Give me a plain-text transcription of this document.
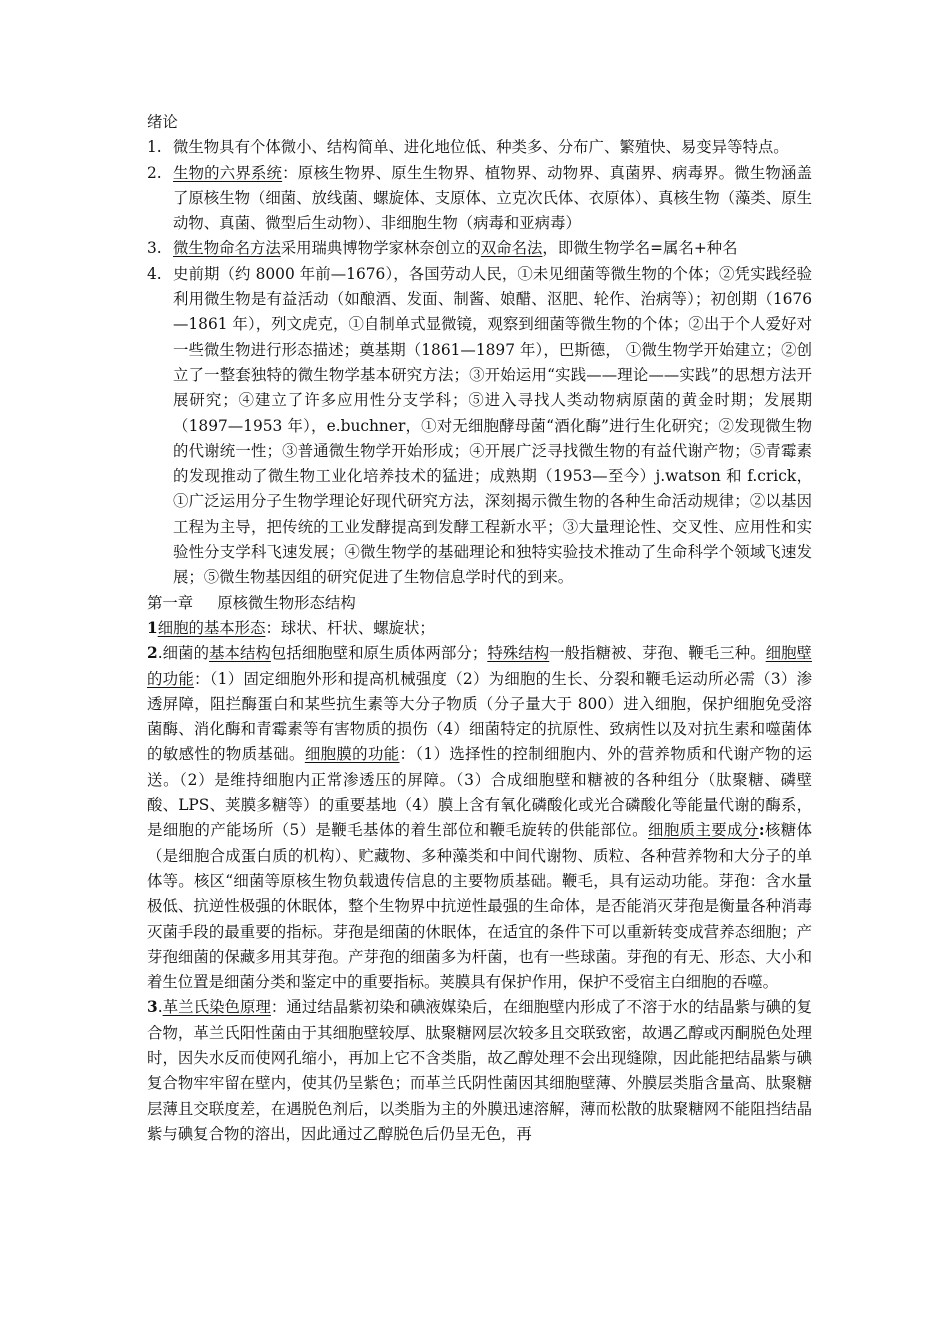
绪论

1. 微生物具有个体微小、结构简单、进化地位低、种类多、分布广、繁殖快、易变异等特点。

2. 生物的六界系统：原核生物界、原生生物界、植物界、动物界、真菌界、病毒界。微生物涵盖了原核生物（细菌、放线菌、螺旋体、支原体、立克次氏体、衣原体）、真核生物（藻类、原生动物、真菌、微型后生动物）、非细胞生物（病毒和亚病毒）

3. 微生物命名方法采用瑞典博物学家林奈创立的双命名法，即微生物学名=属名+种名

4. 史前期（约 8000 年前—1676），各国劳动人民，①未见细菌等微生物的个体；②凭实践经验利用微生物是有益活动（如酿酒、发面、制酱、娘醋、沤肥、轮作、治病等）；初创期（1676—1861 年），列文虎克，①自制单式显微镜，观察到细菌等微生物的个体；②出于个人爱好对一些微生物进行形态描述；奠基期（1861—1897 年），巴斯德， ①微生物学开始建立；②创立了一整套独特的微生物学基本研究方法；③开始运用“实践——理论——实践”的思想方法开展研究；④建立了许多应用性分支学科；⑤进入寻找人类动物病原菌的黄金时期；发展期（1897—1953 年），e.buchner，①对无细胞酵母菌“酒化酶”进行生化研究；②发现微生物的代谢统一性；③普通微生物学开始形成；④开展广泛寻找微生物的有益代谢产物；⑤青霉素的发现推动了微生物工业化培养技术的猛进；成熟期（1953—至今）j.watson 和 f.crick，①广泛运用分子生物学理论好现代研究方法，深刻揭示微生物的各种生命活动规律；②以基因工程为主导，把传统的工业发酵提高到发酵工程新水平；③大量理论性、交叉性、应用性和实验性分支学科飞速发展；④微生物学的基础理论和独特实验技术推动了生命科学个领域飞速发展；⑤微生物基因组的研究促进了生物信息学时代的到来。

第一章 原核微生物形态结构

1细胞的基本形态：球状、杆状、螺旋状；

2.细菌的基本结构包括细胞壁和原生质体两部分；特殊结构一般指糖被、芽孢、鞭毛三种。细胞壁的功能：（1）固定细胞外形和提高机械强度（2）为细胞的生长、分裂和鞭毛运动所必需（3）渗透屏障，阻拦酶蛋白和某些抗生素等大分子物质（分子量大于 800）进入细胞，保护细胞免受溶菌酶、消化酶和青霉素等有害物质的损伤（4）细菌特定的抗原性、致病性以及对抗生素和噬菌体的敏感性的物质基础。细胞膜的功能：（1）选择性的控制细胞内、外的营养物质和代谢产物的运送。（2）是维持细胞内正常渗透压的屏障。（3）合成细胞壁和糖被的各种组分（肽聚糖、磷壁酸、LPS、荚膜多糖等）的重要基地（4）膜上含有氧化磷酸化或光合磷酸化等能量代谢的酶系，是细胞的产能场所（5）是鞭毛基体的着生部位和鞭毛旋转的供能部位。细胞质主要成分:核糖体（是细胞合成蛋白质的机构）、贮藏物、多种藻类和中间代谢物、质粒、各种营养物和大分子的单体等。核区“细菌等原核生物负载遗传信息的主要物质基础。鞭毛，具有运动功能。芽孢：含水量极低、抗逆性极强的休眠体，整个生物界中抗逆性最强的生命体，是否能消灭芽孢是衡量各种消毒灭菌手段的最重要的指标。芽孢是细菌的休眠体，在适宜的条件下可以重新转变成营养态细胞；产芽孢细菌的保藏多用其芽孢。产芽孢的细菌多为杆菌，也有一些球菌。芽孢的有无、形态、大小和着生位置是细菌分类和鉴定中的重要指标。荚膜具有保护作用，保护不受宿主白细胞的吞噬。

3.革兰氏染色原理：通过结晶紫初染和碘液媒染后，在细胞壁内形成了不溶于水的结晶紫与碘的复合物，革兰氏阳性菌由于其细胞壁较厚、肽聚糖网层次较多且交联致密，故遇乙醇或丙酮脱色处理时，因失水反而使网孔缩小，再加上它不含类脂，故乙醇处理不会出现缝隙，因此能把结晶紫与碘复合物牢牢留在壁内，使其仍呈紫色；而革兰氏阴性菌因其细胞壁薄、外膜层类脂含量高、肽聚糖层薄且交联度差，在遇脱色剂后，以类脂为主的外膜迅速溶解，薄而松散的肽聚糖网不能阻挡结晶紫与碘复合物的溶出，因此通过乙醇脱色后仍呈无色，再
